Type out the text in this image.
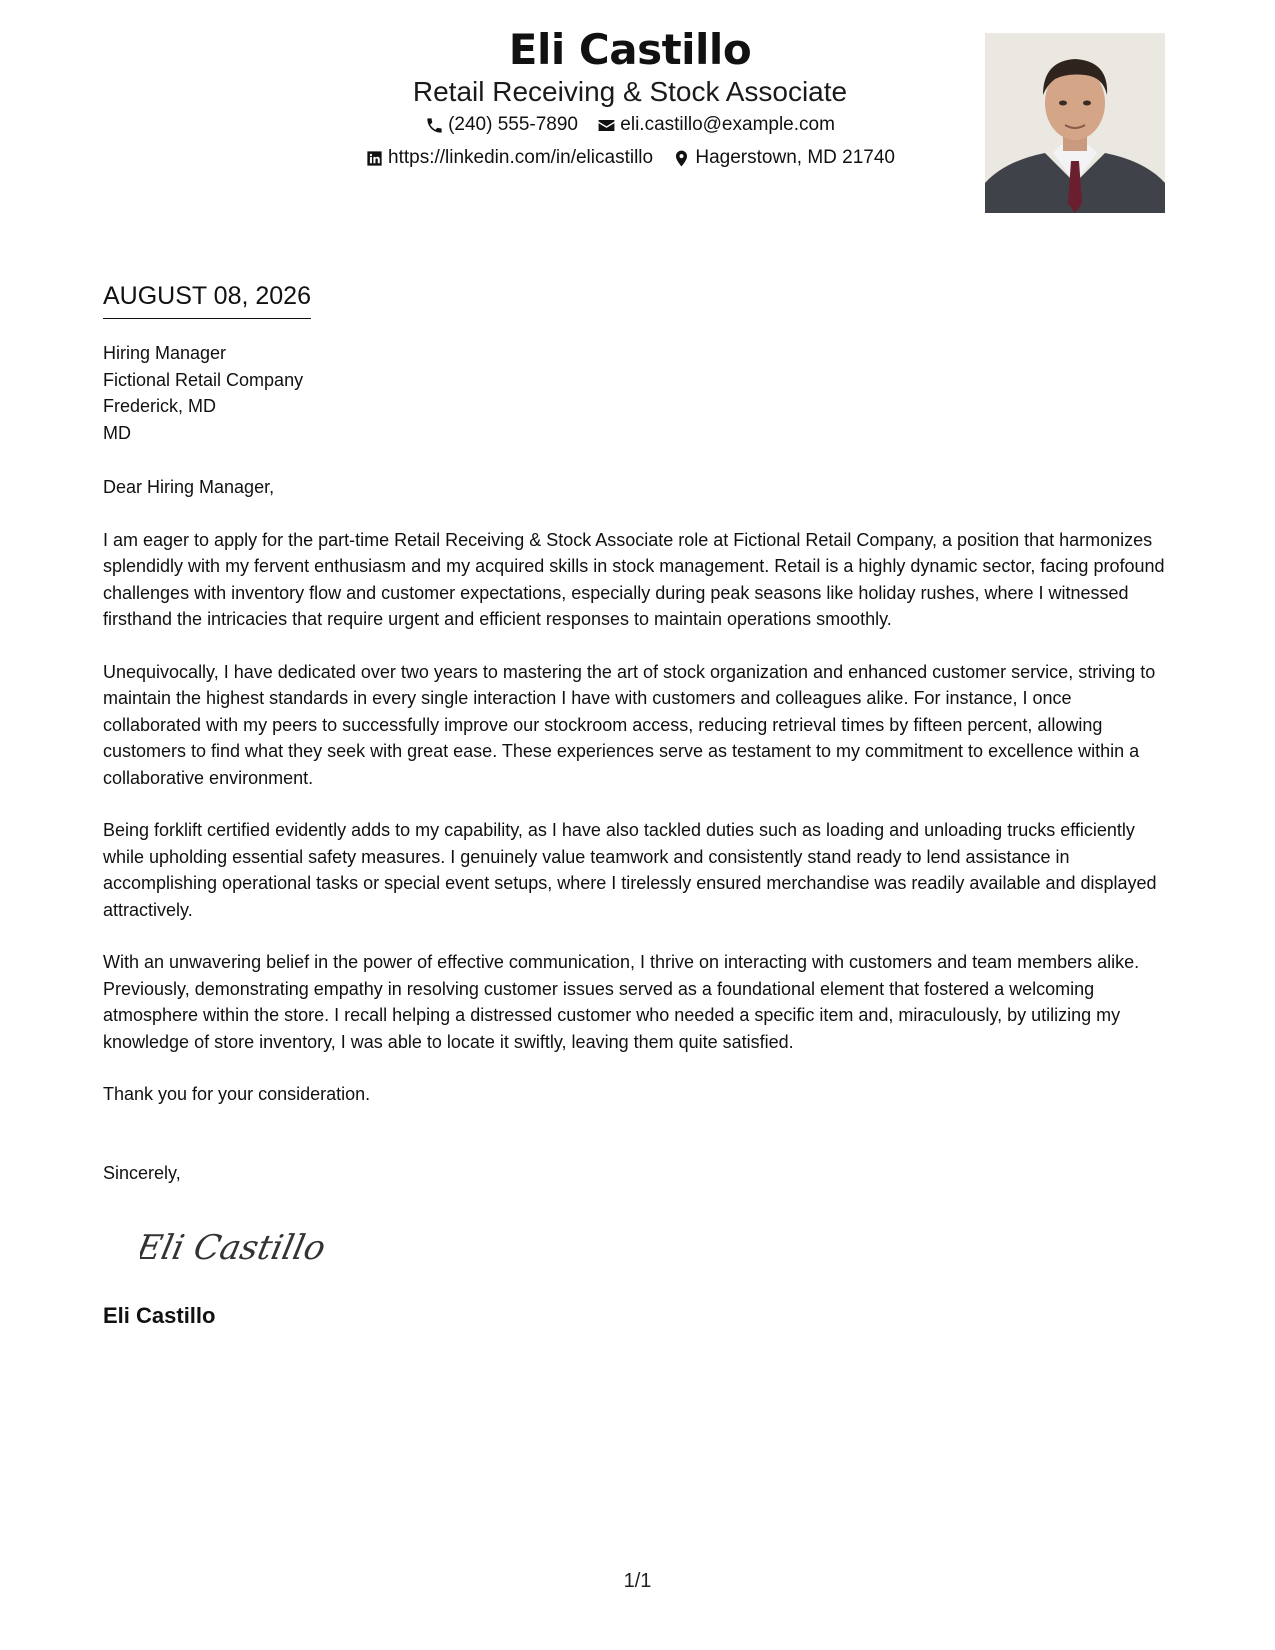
Eli Castillo
Retail Receiving & Stock Associate
(240) 555-7890
eli.castillo@example.com
https://linkedin.com/in/elicastillo
Hagerstown, MD 21740
AUGUST 08, 2026
Hiring Manager
Fictional Retail Company
Frederick, MD
MD

Dear Hiring Manager,

I am eager to apply for the part-time Retail Receiving & Stock Associate role at Fictional Retail Company, a position that harmonizes splendidly with my fervent enthusiasm and my acquired skills in stock management. Retail is a highly dynamic sector, facing profound challenges with inventory flow and customer expectations, especially during peak seasons like holiday rushes, where I witnessed firsthand the intricacies that require urgent and efficient responses to maintain operations smoothly.

Unequivocally, I have dedicated over two years to mastering the art of stock organization and enhanced customer service, striving to maintain the highest standards in every single interaction I have with customers and colleagues alike. For instance, I once collaborated with my peers to successfully improve our stockroom access, reducing retrieval times by fifteen percent, allowing customers to find what they seek with great ease. These experiences serve as testament to my commitment to excellence within a collaborative environment.

Being forklift certified evidently adds to my capability, as I have also tackled duties such as loading and unloading trucks efficiently while upholding essential safety measures. I genuinely value teamwork and consistently stand ready to lend assistance in accomplishing operational tasks or special event setups, where I tirelessly ensured merchandise was readily available and displayed attractively.

With an unwavering belief in the power of effective communication, I thrive on interacting with customers and team members alike. Previously, demonstrating empathy in resolving customer issues served as a foundational element that fostered a welcoming atmosphere within the store. I recall helping a distressed customer who needed a specific item and, miraculously, by utilizing my knowledge of store inventory, I was able to locate it swiftly, leaving them quite satisfied.

Thank you for your consideration.

Sincerely,
Eli Castillo
Eli Castillo
1/1
